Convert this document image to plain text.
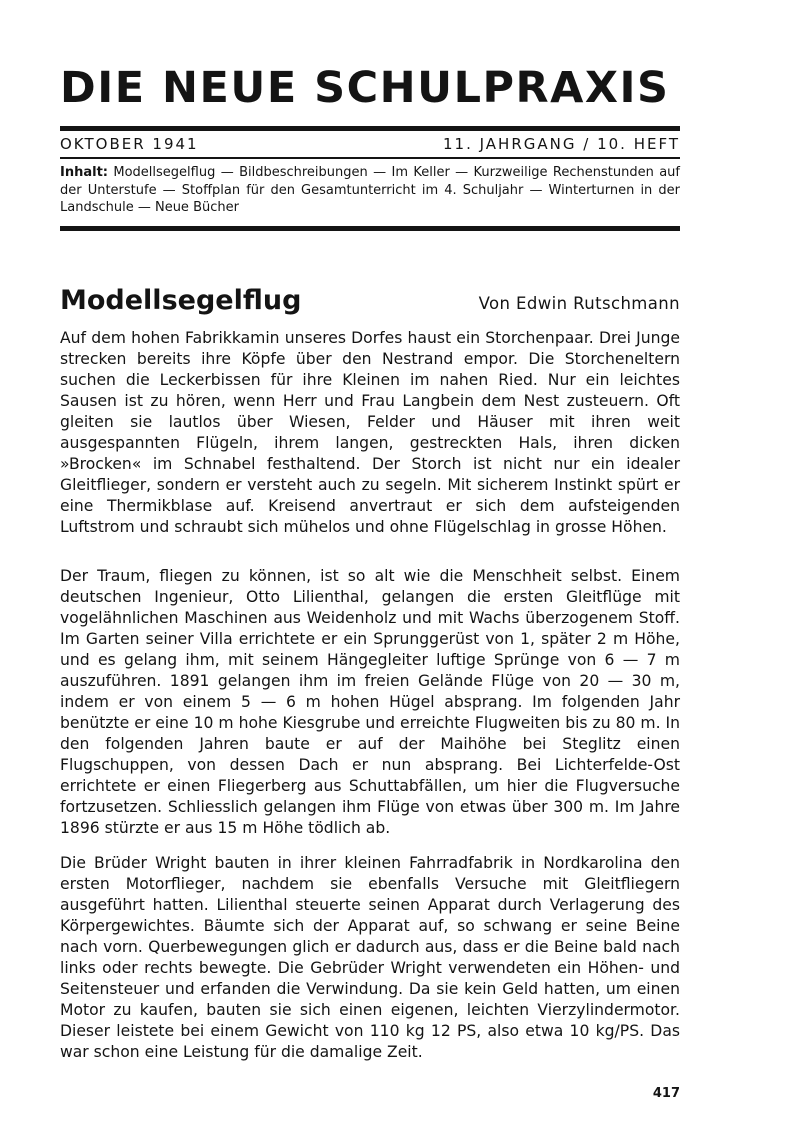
DIE NEUE SCHULPRAXIS
OKTOBER 1941	11. JAHRGANG / 10. HEFT
Inhalt: Modellsegelflug — Bildbeschreibungen — Im Keller — Kurzweilige Rechenstunden auf der Unterstufe — Stoffplan für den Gesamtunterricht im 4. Schuljahr — Winterturnen in der Landschule — Neue Bücher
Modellsegelflug	Von Edwin Rutschmann

Auf dem hohen Fabrikkamin unseres Dorfes haust ein Storchenpaar. Drei Junge strecken bereits ihre Köpfe über den Nestrand empor. Die Storcheneltern suchen die Leckerbissen für ihre Kleinen im nahen Ried. Nur ein leichtes Sausen ist zu hören, wenn Herr und Frau Langbein dem Nest zusteuern. Oft gleiten sie lautlos über Wiesen, Felder und Häuser mit ihren weit ausgespannten Flügeln, ihrem langen, gestreckten Hals, ihren dicken »Brocken« im Schnabel festhaltend. Der Storch ist nicht nur ein idealer Gleitflieger, sondern er versteht auch zu segeln. Mit sicherem Instinkt spürt er eine Thermikblase auf. Kreisend anvertraut er sich dem aufsteigenden Luftstrom und schraubt sich mühelos und ohne Flügelschlag in grosse Höhen.

Der Traum, fliegen zu können, ist so alt wie die Menschheit selbst. Einem deutschen Ingenieur, Otto Lilienthal, gelangen die ersten Gleitflüge mit vogelähnlichen Maschinen aus Weidenholz und mit Wachs überzogenem Stoff. Im Garten seiner Villa errichtete er ein Sprunggerüst von 1, später 2 m Höhe, und es gelang ihm, mit seinem Hängegleiter luftige Sprünge von 6 — 7 m auszuführen. 1891 gelangen ihm im freien Gelände Flüge von 20 — 30 m, indem er von einem 5 — 6 m hohen Hügel absprang. Im folgenden Jahr benützte er eine 10 m hohe Kiesgrube und erreichte Flugweiten bis zu 80 m. In den folgenden Jahren baute er auf der Maihöhe bei Steglitz einen Flugschuppen, von dessen Dach er nun absprang. Bei Lichterfelde-Ost errichtete er einen Fliegerberg aus Schuttabfällen, um hier die Flugversuche fortzusetzen. Schliesslich gelangen ihm Flüge von etwas über 300 m. Im Jahre 1896 stürzte er aus 15 m Höhe tödlich ab.

Die Brüder Wright bauten in ihrer kleinen Fahrradfabrik in Nordkarolina den ersten Motorflieger, nachdem sie ebenfalls Versuche mit Gleitfliegern ausgeführt hatten. Lilienthal steuerte seinen Apparat durch Verlagerung des Körpergewichtes. Bäumte sich der Apparat auf, so schwang er seine Beine nach vorn. Querbewegungen glich er dadurch aus, dass er die Beine bald nach links oder rechts bewegte. Die Gebrüder Wright verwendeten ein Höhen- und Seitensteuer und erfanden die Verwindung. Da sie kein Geld hatten, um einen Motor zu kaufen, bauten sie sich einen eigenen, leichten Vierzylindermotor. Dieser leistete bei einem Gewicht von 110 kg 12 PS, also etwa 10 kg/PS. Das war schon eine Leistung für die damalige Zeit.

417
